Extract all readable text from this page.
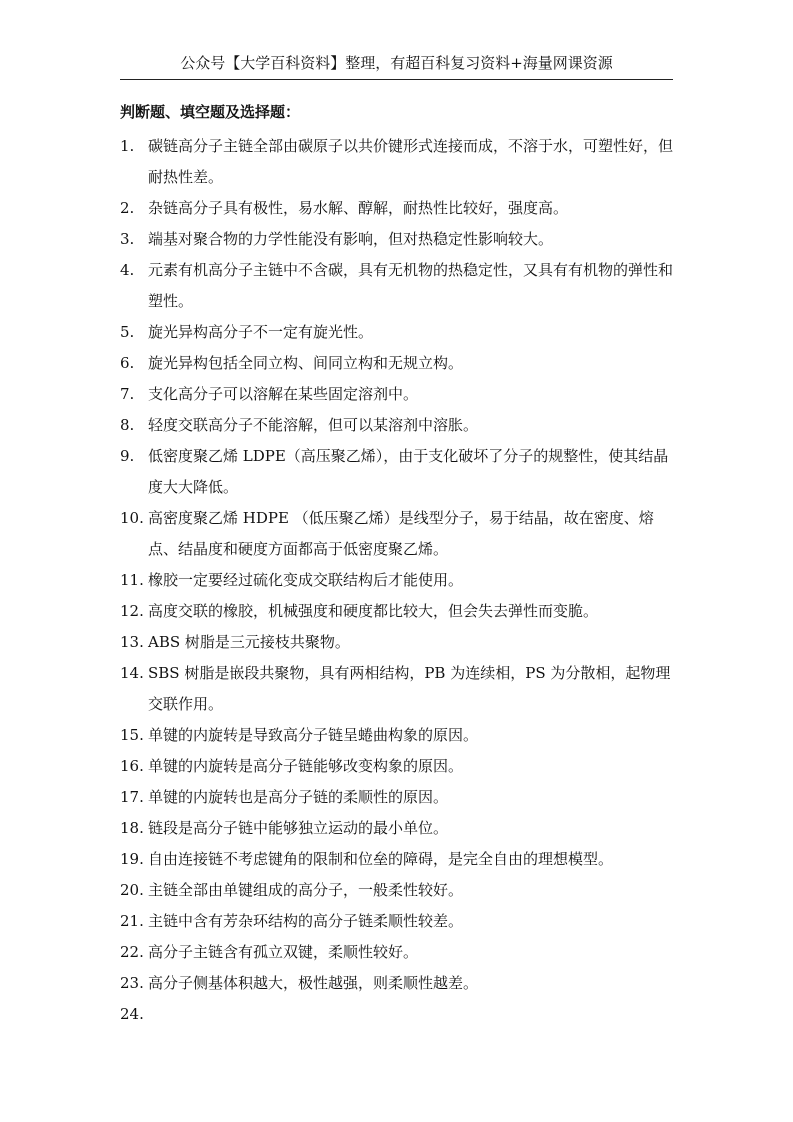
公众号【大学百科资料】整理，有超百科复习资料+海量网课资源
判断题、填空题及选择题：
1. 碳链高分子主链全部由碳原子以共价键形式连接而成，不溶于水，可塑性好，但耐热性差。
2. 杂链高分子具有极性，易水解、醇解，耐热性比较好，强度高。
3. 端基对聚合物的力学性能没有影响，但对热稳定性影响较大。
4. 元素有机高分子主链中不含碳，具有无机物的热稳定性，又具有有机物的弹性和塑性。
5. 旋光异构高分子不一定有旋光性。
6. 旋光异构包括全同立构、间同立构和无规立构。
7. 支化高分子可以溶解在某些固定溶剂中。
8. 轻度交联高分子不能溶解，但可以某溶剂中溶胀。
9. 低密度聚乙烯 LDPE（高压聚乙烯），由于支化破坏了分子的规整性，使其结晶度大大降低。
10. 高密度聚乙烯 HDPE （低压聚乙烯）是线型分子，易于结晶，故在密度、熔点、结晶度和硬度方面都高于低密度聚乙烯。
11. 橡胶一定要经过硫化变成交联结构后才能使用。
12. 高度交联的橡胶，机械强度和硬度都比较大，但会失去弹性而变脆。
13. ABS 树脂是三元接枝共聚物。
14. SBS 树脂是嵌段共聚物，具有两相结构，PB 为连续相，PS 为分散相，起物理交联作用。
15. 单键的内旋转是导致高分子链呈蜷曲构象的原因。
16. 单键的内旋转是高分子链能够改变构象的原因。
17. 单键的内旋转也是高分子链的柔顺性的原因。
18. 链段是高分子链中能够独立运动的最小单位。
19. 自由连接链不考虑键角的限制和位垒的障碍，是完全自由的理想模型。
20. 主链全部由单键组成的高分子，一般柔性较好。
21. 主链中含有芳杂环结构的高分子链柔顺性较差。
22. 高分子主链含有孤立双键，柔顺性较好。
23. 高分子侧基体积越大，极性越强，则柔顺性越差。
24.
